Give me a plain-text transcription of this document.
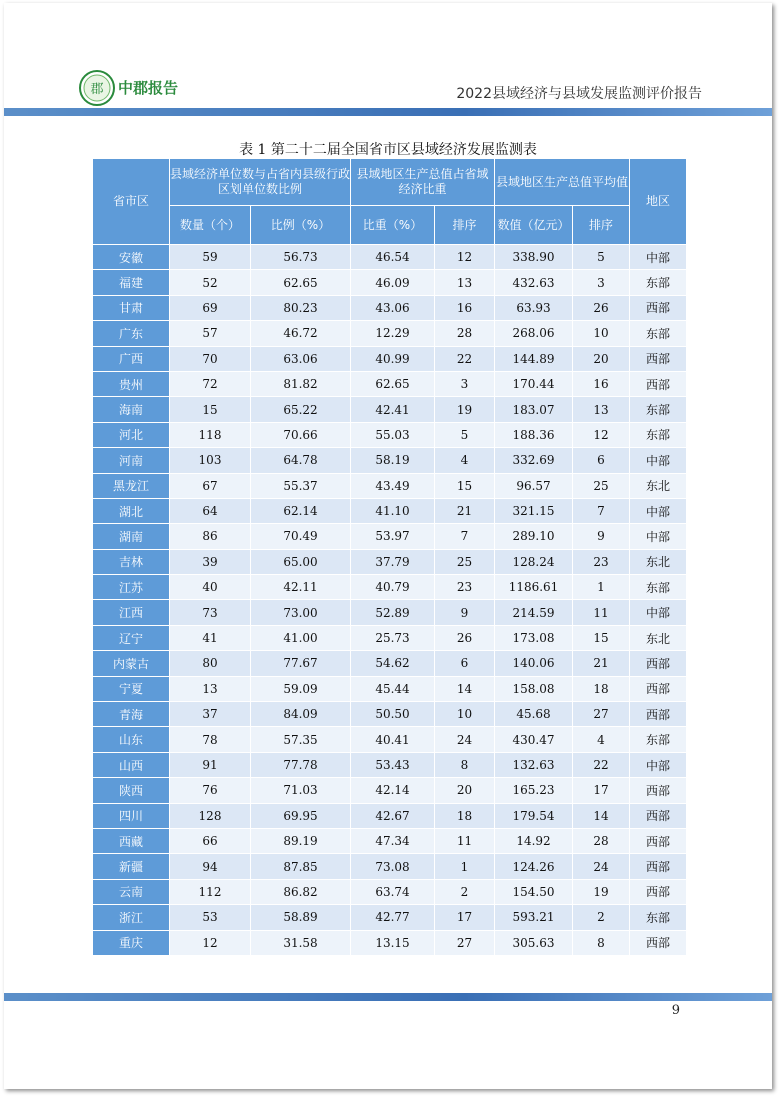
郡 中郡报告	2022县域经济与县域发展监测评价报告
表 1 第二十二届全国省市区县域经济发展监测表
省市区	县域经济单位数与占省内县级行政区划单位数比例		县域地区生产总值占省域经济比重		县域地区生产总值平均值		地区
	数量（个）	比例（%）	比重（%）	排序	数值（亿元）	排序	
安徽	59	56.73	46.54	12	338.90	5	中部
福建	52	62.65	46.09	13	432.63	3	东部
甘肃	69	80.23	43.06	16	63.93	26	西部
广东	57	46.72	12.29	28	268.06	10	东部
广西	70	63.06	40.99	22	144.89	20	西部
贵州	72	81.82	62.65	3	170.44	16	西部
海南	15	65.22	42.41	19	183.07	13	东部
河北	118	70.66	55.03	5	188.36	12	东部
河南	103	64.78	58.19	4	332.69	6	中部
黑龙江	67	55.37	43.49	15	96.57	25	东北
湖北	64	62.14	41.10	21	321.15	7	中部
湖南	86	70.49	53.97	7	289.10	9	中部
吉林	39	65.00	37.79	25	128.24	23	东北
江苏	40	42.11	40.79	23	1186.61	1	东部
江西	73	73.00	52.89	9	214.59	11	中部
辽宁	41	41.00	25.73	26	173.08	15	东北
内蒙古	80	77.67	54.62	6	140.06	21	西部
宁夏	13	59.09	45.44	14	158.08	18	西部
青海	37	84.09	50.50	10	45.68	27	西部
山东	78	57.35	40.41	24	430.47	4	东部
山西	91	77.78	53.43	8	132.63	22	中部
陕西	76	71.03	42.14	20	165.23	17	西部
四川	128	69.95	42.67	18	179.54	14	西部
西藏	66	89.19	47.34	11	14.92	28	西部
新疆	94	87.85	73.08	1	124.26	24	西部
云南	112	86.82	63.74	2	154.50	19	西部
浙江	53	58.89	42.77	17	593.21	2	东部
重庆	12	31.58	13.15	27	305.63	8	西部
9
